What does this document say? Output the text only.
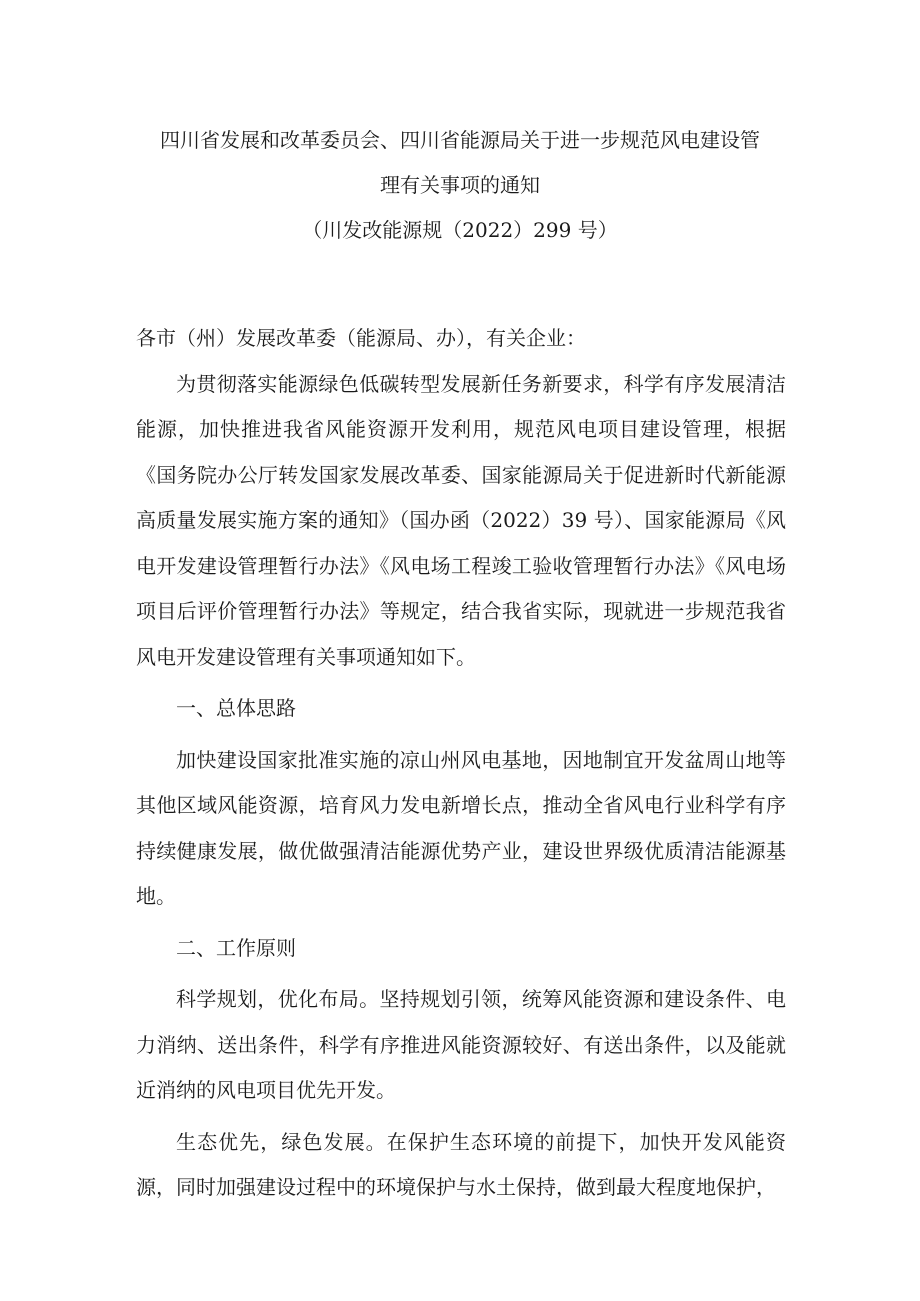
四川省发展和改革委员会、四川省能源局关于进一步规范风电建设管
理有关事项的通知
（川发改能源规（2022）299 号）

各市（州）发展改革委（能源局、办），有关企业：

为贯彻落实能源绿色低碳转型发展新任务新要求，科学有序发展清洁能源，加快推进我省风能资源开发利用，规范风电项目建设管理，根据《国务院办公厅转发国家发展改革委、国家能源局关于促进新时代新能源高质量发展实施方案的通知》（国办函（2022）39 号）、国家能源局《风电开发建设管理暂行办法》《风电场工程竣工验收管理暂行办法》《风电场项目后评价管理暂行办法》等规定，结合我省实际，现就进一步规范我省风电开发建设管理有关事项通知如下。

一、总体思路

加快建设国家批准实施的凉山州风电基地，因地制宜开发盆周山地等其他区域风能资源，培育风力发电新增长点，推动全省风电行业科学有序持续健康发展，做优做强清洁能源优势产业，建设世界级优质清洁能源基地。

二、工作原则

科学规划，优化布局。坚持规划引领，统筹风能资源和建设条件、电力消纳、送出条件，科学有序推进风能资源较好、有送出条件，以及能就近消纳的风电项目优先开发。

生态优先，绿色发展。在保护生态环境的前提下，加快开发风能资源，同时加强建设过程中的环境保护与水土保持，做到最大程度地保护，
